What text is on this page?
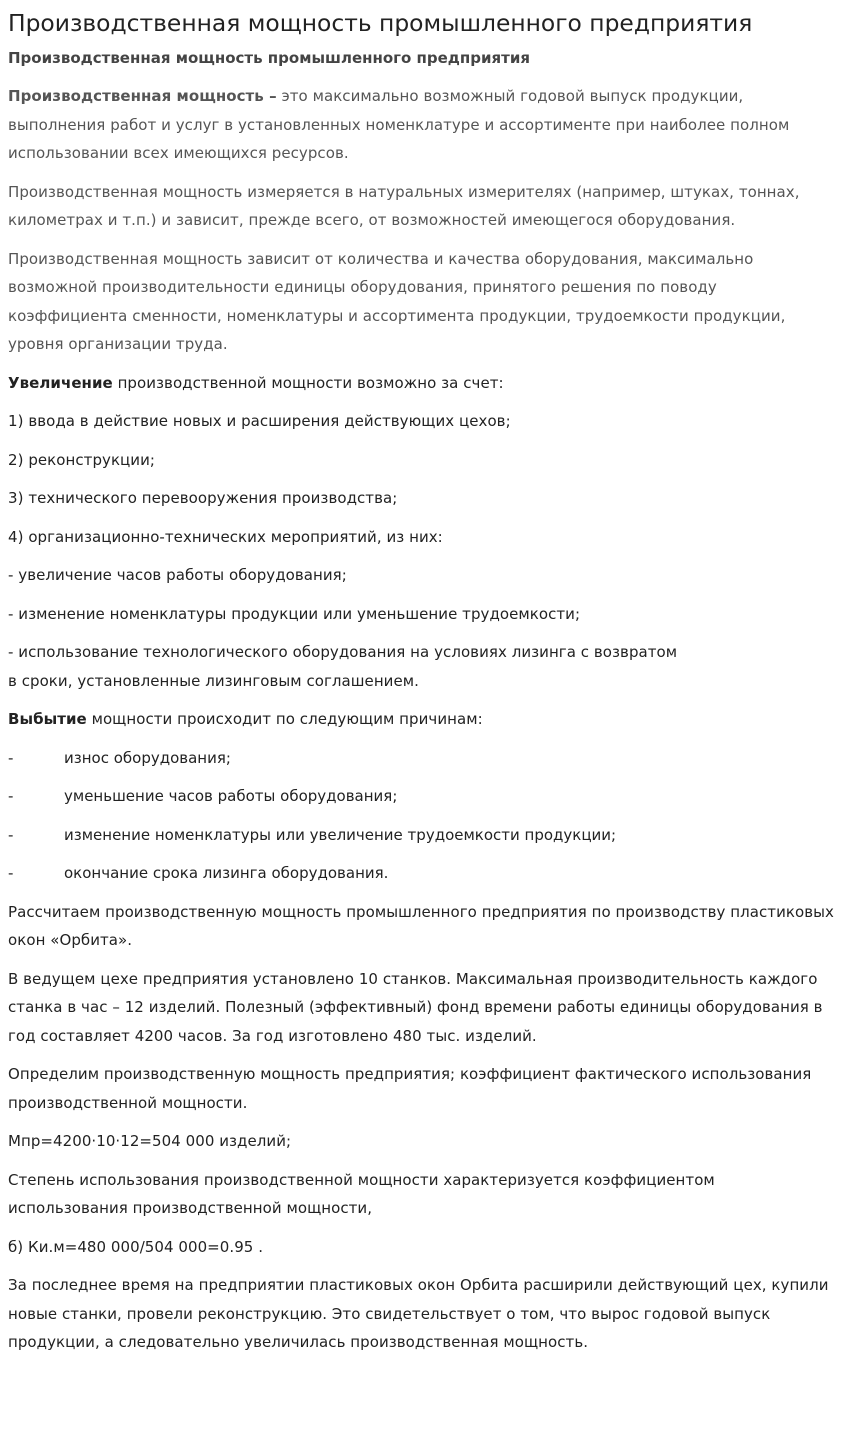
Производственная мощность промышленного предприятия
Производственная мощность промышленного предприятия

Производственная мощность – это максимально возможный годовой выпуск продукции, выполнения работ и услуг в установленных номенклатуре и ассортименте при наиболее полном использовании всех имеющихся ресурсов.

Производственная мощность измеряется в натуральных измерителях (например, штуках, тоннах, километрах и т.п.) и зависит, прежде всего, от возможностей имеющегося оборудования.

Производственная мощность зависит от количества и качества оборудования, максимально возможной производительности единицы оборудования, принятого решения по поводу коэффициента сменности, номенклатуры и ассортимента продукции, трудоемкости продукции, уровня организации труда.

Увеличение производственной мощности возможно за счет:

1) ввода в действие новых и расширения действующих цехов;

2) реконструкции;

3) технического перевооружения производства;

4) организационно-технических мероприятий, из них:

- увеличение часов работы оборудования;

- изменение номенклатуры продукции или уменьшение трудоемкости;

- использование технологического оборудования на условиях лизинга с возвратом
в сроки, установленные лизинговым соглашением.

Выбытие мощности происходит по следующим причинам:

-	износ оборудования;
-	уменьшение часов работы оборудования;
-	изменение номенклатуры или увеличение трудоемкости продукции;
-	окончание срока лизинга оборудования.

Рассчитаем производственную мощность промышленного предприятия по производству пластиковых окон «Орбита».

В ведущем цехе предприятия установлено 10 станков. Максимальная производительность каждого станка в час – 12 изделий. Полезный (эффективный) фонд времени работы единицы оборудования в год составляет 4200 часов. За год изготовлено 480 тыс. изделий.

Определим производственную мощность предприятия; коэффициент фактического использования производственной мощности.

Мпр=4200·10·12=504 000 изделий;

Степень использования производственной мощности характеризуется коэффициентом использования производственной мощности,

б) Ки.м=480 000/504 000=0.95 .

За последнее время на предприятии пластиковых окон Орбита расширили действующий цех, купили новые станки, провели реконструкцию. Это свидетельствует о том, что вырос годовой выпуск продукции, а следовательно увеличилась производственная мощность.
